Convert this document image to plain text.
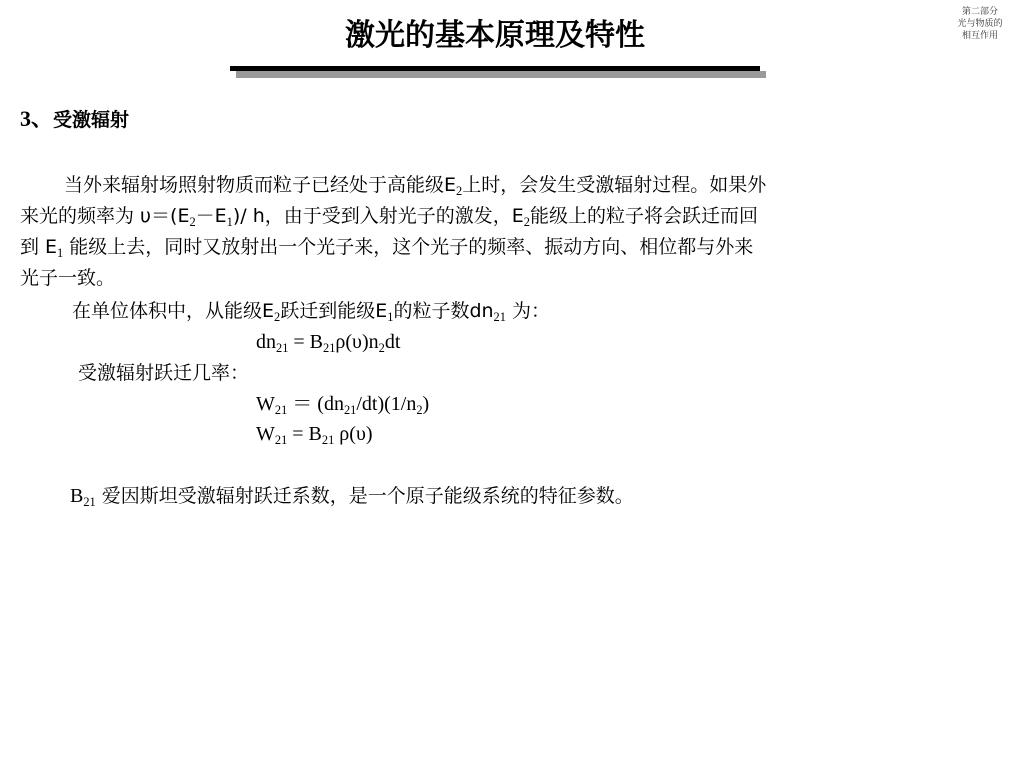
激光的基本原理及特性
第二部分
光与物质的
相互作用
3、受激辐射
当外来辐射场照射物质而粒子已经处于高能级$E_2$上时，会发生受激辐射过程。如果外
来光的频率为 $\upsilon=(E_2-E_1)/$ h，由于受到入射光子的激发，$E_2$能级上的粒子将会跃迁而回
到 $E_1$ 能级上去，同时又放射出一个光子来，这个光子的频率、振动方向、相位都与外来
光子一致。
在单位体积中，从能级$E_2$跃迁到能级$E_1$的粒子数$dn_{21}$ 为：
$dn_{21} = B_{21}\rho(\upsilon)n_2dt$
受激辐射跃迁几率：
$W_{21} = (dn_{21}/dt)(1/n_2)$
$W_{21} = B_{21}$ ρ(υ)
$B_{21}$ 爱因斯坦受激辐射跃迁系数，是一个原子能级系统的特征参数。
